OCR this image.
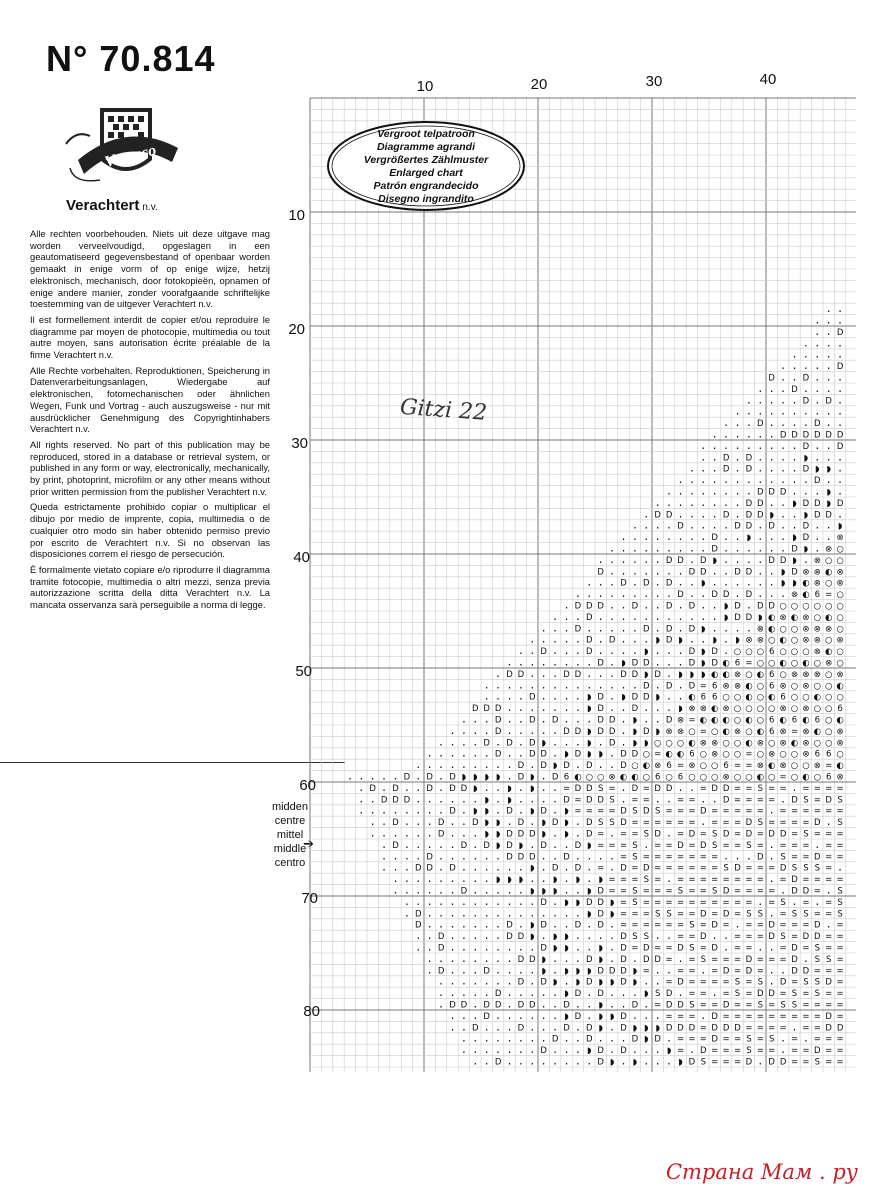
N° 70.814
Vervaco
Verachtert n.v.

Alle rechten voorbehouden. Niets uit deze uitgave mag worden verveelvoudigd, opgeslagen in een geautomatiseerd gegevensbestand of openbaar worden gemaakt in enige vorm of op enige wijze, hetzij elektronisch, mechanisch, door fotokopieën, opnamen of enige andere manier, zonder voorafgaande schriftelijke toestemming van de uitgever Verachtert n.v.

Il est formellement interdit de copier et/ou reproduire le diagramme par moyen de photocopie, multimedia ou tout autre moyen, sans autorisation écrite préalable de la firme Verachtert n.v.

Alle Rechte vorbehalten. Reproduktionen, Speicherung in Datenverarbeitungsanlagen, Wiedergabe auf elektronischen, fotomechanischen oder ähnlichen Wegen, Funk und Vortrag - auch auszugsweise - nur mit ausdrücklicher Genehmigung des Copyrightinhabers Verachtert n.v.

All rights reserved. No part of this publication may be reproduced, stored in a database or retrieval system, or published in any form or way, electronically, mechanically, by print, photoprint, microfilm or any other means without prior written permission from the publisher Verachtert n.v.

Queda estrictamente prohibido copiar o multiplicar el dibujo por medio de imprente, copia, multimedia o de cualquier otro modo sin haber obtenido permiso previo por escrito de Verachtert n.v. Si no observan las disposiciones correm el riesgo de persecución.

È formalmente vietato copiare e/o riprodurre il diagramma tramite fotocopie, multimedia o altri mezzi, senza previa autorizzazione scritta della ditta Verachtert n.v. La mancata osservanza sarà perseguibile a norma di legge.

midden
centre
mittel
middle
centro
➔
10	20	30	40
10
20
30
40
50
60
70
80
. .
. . .
. . D
. . . .
. . . . .
. . . . . D
D . . D . . .
. . . D . . . .
. . . . . D . D .
. . . . . . . . . .
. . . D . . . . D . .
. . . . . . D D D D D D
. . . . . . . . . D . . D
. . D . D . . . . ◗ . . .
. . . D . D . . . . D ◗ ◗ .
. . . . . . . . . . . . D . .
. . . . . . . . D D D . . . ◗ .
. . . . . . . . D D . . ◗ D D ◗ D
. D D . . . . D . D D ◗ . . ◗ D D .
. . . . D . . . . D D . D . . D . . ◗
. . . . . . . . D . . ◗ . . . ◗ D . . ⊗
. . . . . . . . . D . . . . . . D ◗ . ⊗ ○
. . . . . . D D . D ◗ . . . . D D ◗ . ⊗ ○ ○
D . . . . . . . D D . . D D . . ◗ D ⊗ ⊗ ◐ ⊗
. . . D . D . D . . ◗ . . . . . . ◗ ◗ ◐ ⊗ ○ ⊗
. . . . . . . . . D . . D D . D . . . ⊗ ◐ 6 = ○
. D D D . . D . . D . D . . ◗ D . D D ○ ○ ○ ○ ○ ○
. . . D . . . . . . . . . . . ◗ D D ◗ ◐ ⊗ ◐ ⊗ ○ ◐ ○
. . . D . . . . . D . D . D ◗ . . . . ⊗ ◐ ○ ○ ⊗ ⊗ ⊗ ○
. . . . . D . D . . . ◗ D ◗ . . ◗ . ◗ ⊗ ⊗ ○ ◐ ○ ⊗ ⊗ ○ ⊗
. . D . . . D . . . . ◗ . . . D ◗ D . ○ ○ ○ 6 ○ ○ ○ ⊗ ◐ ○
. . . . . . . . D . ◗ D D . . . D ◗ D ◐ 6 = ○ ○ ◐ ○ ◐ ○ ⊗ ○
. D D . . . D D . . . D D ◗ D . ◗ ◗ ◗ ◐ ◐ ⊗ ○ ◐ 6 ○ ⊗ ⊗ ⊗ ○ ⊗
. . . . . . . . . . . . . . D . D . D = 6 ⊗ ⊗ ◐ ○ 6 ⊗ ○ ⊗ ○ ○ ◐
. . . . D . . . . ◗ D . ◗ D D ◗ . . ◐ 6 6 ○ ○ ◐ ○ ◐ 6 ○ ○ ◐ ○ ○
D D D . . . . . . . ◗ D . . D . . . ◗ ⊗ ⊗ ◐ ⊗ ○ ○ ○ ○ ⊗ ○ ⊗ ○ ○ 6
. . . D . . D . D . . . D D . ◗ . . D ⊗ = ◐ ◐ ◐ ○ ◐ ○ 6 ◐ 6 ◐ 6 ○ ◐
. . . . D . . . . . D D ◗ D D . ◗ D ◗ ⊗ ⊗ ○ = ○ ◐ ⊗ ○ ◐ 6 ⊗ = ⊗ ◐ ○ ⊗
. . . . D . D . D ◗ . . . ◗ . D . ◗ ◗ ○ ○ ○ ◐ ⊗ ⊗ ○ ○ ◐ ⊗ ○ ⊗ ◐ ⊗ ○ ○ ⊗
. . . . . . D . . D D . ◗ D ◗ ◗ . D D ○ = ◐ ◐ 6 ○ ⊗ ○ ○ = ○ ⊗ ○ ○ ⊗ 6 6 ○
. . . . . . . . . D . D ◗ D . D . . D ○ ◐ ⊗ 6 = ⊗ ○ ○ 6 = = ⊗ ◐ ⊗ ○ ○ ⊗ = ◐
. . . . . D . D . D ◗ ◗ ◗ ◗ . D ◗ . D 6 ◐ ○ ○ ⊗ ◐ ◐ ○ 6 ○ 6 ○ ○ ○ ⊗ ○ ○ ◐ ○ = ○ ◐ ○ 6 ⊗
. D . D . . D . D D ◗ . . ◗ . ◗ . . = D D S = . D = D D . . = D D = = S = = . = = = =
. . D D D . . . . . . ◗ . ◗ . . . . D = D D S . = = . . = = . . D = = = = . D S = D S
. . . . . . . . D . ◗ ◗ . D . ◗ D . ◗ = = = = D S D S = = = D = = = = = . = = = = = =
. . D . . . D . . D ◗ ◗ . D . ◗ D ◗ . D S S D = = = = = = . = = = D S = = = = D . S
. . . . . . D . . . ◗ ◗ D D D ◗ . ◗ . D = . = = S D . = D = S D = D = D D = S = = =
. D . . . . . D . D ◗ D ◗ . D . . D ◗ = = = S . = = D = D S = = S = . = = = . = =
. . . . D . . . . . . D D D . . D . . . . = S = = = = = = = . . . D . S = = D = =
. . . D D . D . . . . . . ◗ . D . D . = . D = D = = = = = = S D = = = D S S S = .
. . . . . . . . . ◗ ◗ ◗ . . ◗ . ◗ . ◗ = = = S = . = = = = = = = = . = D = = = =
. . . . . . D . . . . . ◗ ◗ ◗ . . ◗ D = = S = = = S = = S D = = = = . D D = . S
. . . . . . . . . . . . D . ◗ ◗ D D ◗ = S = = = = = = = = = = . = S . = . = S
. D . . . . . . . . . . . . . . ◗ D ◗ = = = S S = = D = D = S S . = S S = = S
D . . . . . . . D . ◗ D . . D . D . = = = = = = S = D = . = = D = = = D . =
. . D . . . . . D D ◗ . ◗ ◗ . . . . D S S . . = = D . . = = = D S = D D = =
. . D . . . . . . . . D ◗ ◗ . . ◗ . D = D = = D S = D . = = . . = D = S = =
. . . . . . . . D D ◗ . . . D ◗ . D . D D = . = S = = = D = = = D . S S =
. D . . . D . . . . ◗ . ◗ ◗ ◗ D D D ◗ = . . = = . = D = D = . . D D = = =
. . . . . . . D . D ◗ . ◗ D ◗ ◗ D ◗ . . = D = = = = S = S . D = S S D =
. . . . . D . . . . . ◗ D . D . . . ◗ S D . = = . = S = D D = S = S = =
. D D . D D . D D . . D . . ◗ . . D . = D D S = = D = = S = S S = = = =
. . . D . . . . . . ◗ D . ◗ ◗ D . . . = = = . D = = = = = = = = = D =
. . D . . . D . . . D . D ◗ . D ◗ ◗ ◗ D D D = D D D = = = = . = = D D
. . . . . . . . D . . D . . . D ◗ D . = = = D = = S = S . = . = = =
. . . . . . . D . . . ◗ D . D . . . ◗ = . D = = = S = = . = = D = =
. . D . . . . . . . . D ◗ . ◗ . . . ◗ D S = = = D . D D = = S = =
Vergroot telpatroon
Diagramme agrandi
Vergrößertes Zählmuster
Enlarged chart
Patrón engrandecido
Disegno ingrandito
Gitzi 22
Страна Мам . ру
